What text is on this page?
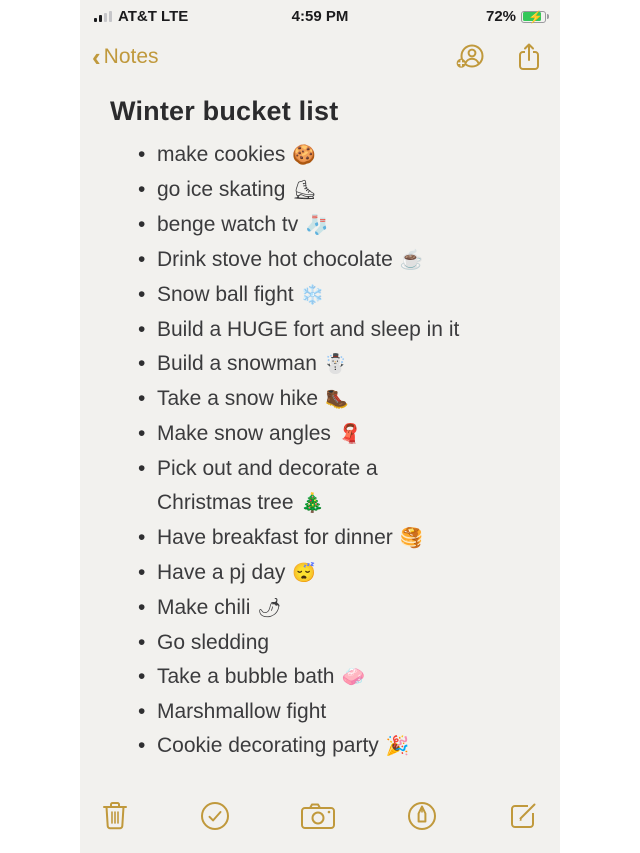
AT&T LTE	4:59 PM	72% ⚡
‹ Notes
Winter bucket list
• make cookies 🍪
• go ice skating ⛸
• benge watch tv 🧦
• Drink stove hot chocolate ☕
• Snow ball fight ❄️
• Build a HUGE fort and sleep in it
• Build a snowman ☃️
• Take a snow hike 🥾
• Make snow angles 🧣
• Pick out and decorate a
Christmas tree 🎄
• Have breakfast for dinner 🥞
• Have a pj day 😴
• Make chili 🌶
• Go sledding
• Take a bubble bath 🧼
• Marshmallow fight
• Cookie decorating party 🎉
